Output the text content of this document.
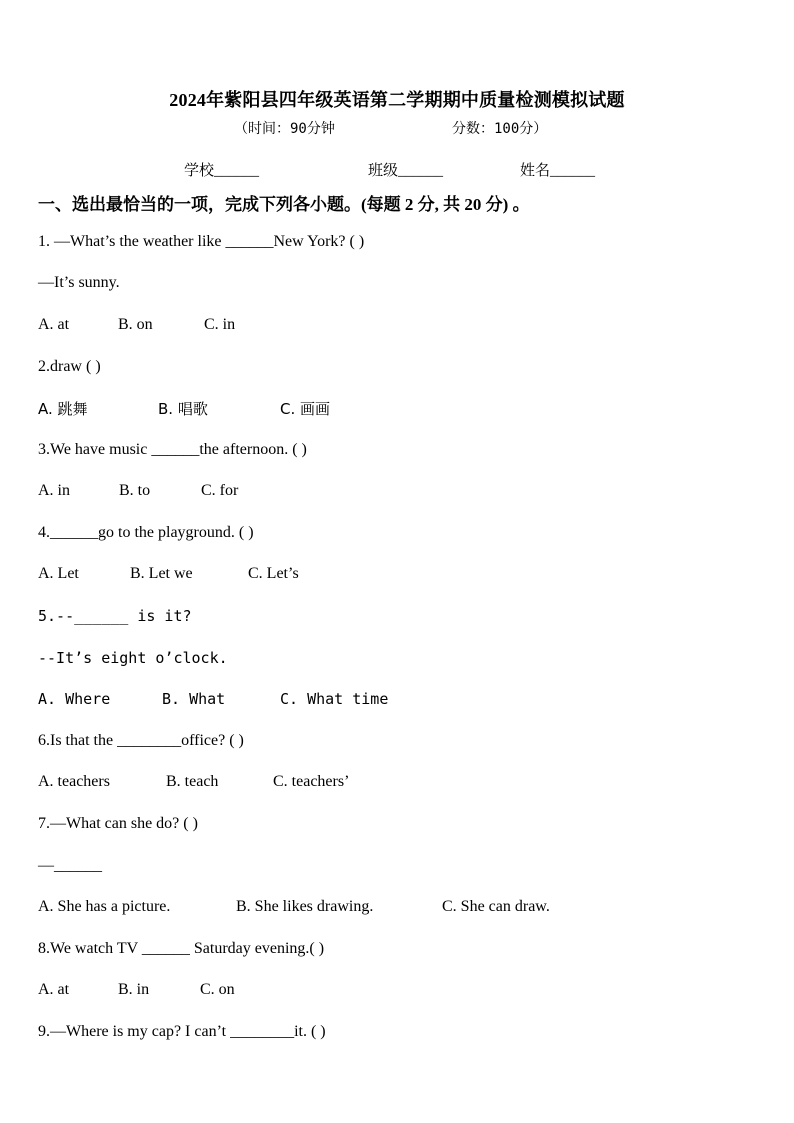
2024年紫阳县四年级英语第二学期期中质量检测模拟试题
（时间：90分钟	分数：100分）
学校______	班级______	姓名______
一、选出最恰当的一项，完成下列各小题。(每题 2 分, 共 20 分) 。
1. —What’s the weather like ______New York? ( )
—It’s sunny.
A. at	B. on	C. in
2.draw ( )
A. 跳舞	B. 唱歌	C. 画画
3.We have music ______the afternoon. ( )
A. in	B. to	C. for
4.______go to the playground. ( )
A. Let	B. Let we	C. Let’s
5.--______ is it?
--It’s eight o’clock.
A. Where	B. What	C. What time
6.Is that the ________office? ( )
A. teachers	B. teach	C. teachers’
7.—What can she do? ( )
—______
A. She has a picture.	B. She likes drawing.	C. She can draw.
8.We watch TV ______ Saturday evening.( )
A. at	B. in	C. on
9.—Where is my cap? I can’t ________it. ( )
